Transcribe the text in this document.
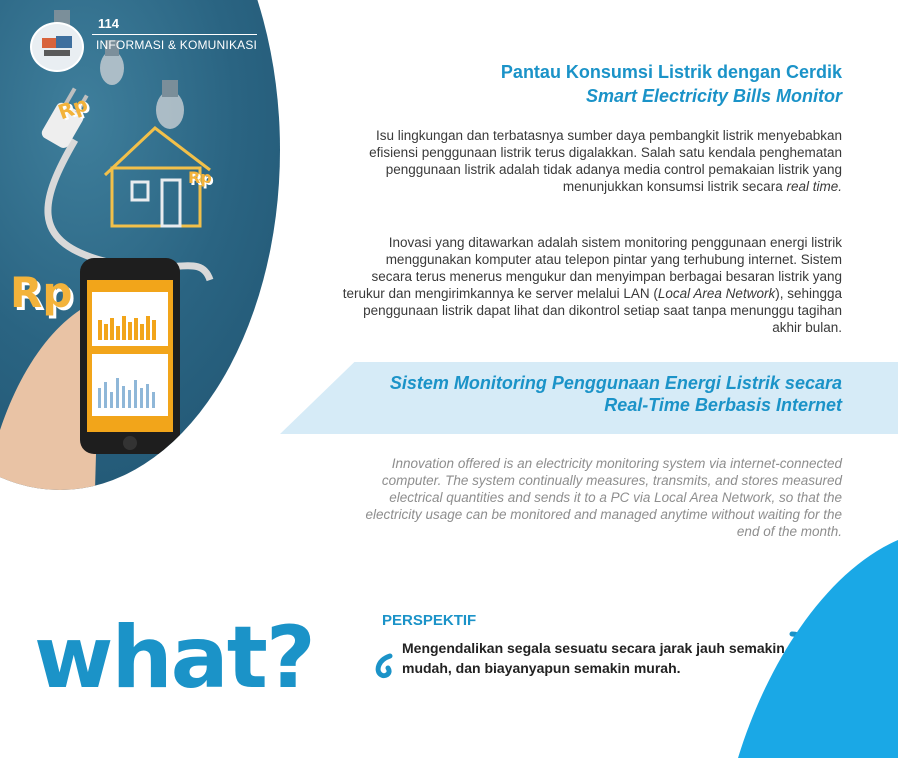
Rp
Rp
Rp
114
INFORMASI & KOMUNIKASI
Pantau Konsumsi Listrik dengan Cerdik
Smart Electricity Bills Monitor
Isu lingkungan dan terbatasnya sumber daya pembangkit listrik menyebabkan efisiensi penggunaan listrik terus digalakkan. Salah satu kendala penghematan penggunaan listrik adalah tidak adanya media control pemakaian listrik yang menunjukkan konsumsi listrik secara real time.
Inovasi yang ditawarkan adalah sistem monitoring penggunaan energi listrik menggunakan komputer atau telepon pintar yang terhubung internet. Sistem secara terus menerus mengukur dan menyimpan berbagai besaran listrik yang terukur dan mengirimkannya ke server melalui LAN (Local Area Network), sehingga penggunaan listrik dapat lihat dan dikontrol setiap saat tanpa menunggu tagihan akhir bulan.
Sistem Monitoring Penggunaan Energi Listrik secara
Real-Time Berbasis Internet
Innovation offered is an electricity monitoring system via internet-connected computer. The system continually measures, transmits, and stores measured electrical quantities and sends it to a PC via Local Area Network, so that the electricity usage can be monitored and managed anytime without waiting for the end of the month.
PERSPEKTIF
Mengendalikan segala sesuatu secara jarak jauh semakin mudah, dan biayanyapun semakin murah.
what?
